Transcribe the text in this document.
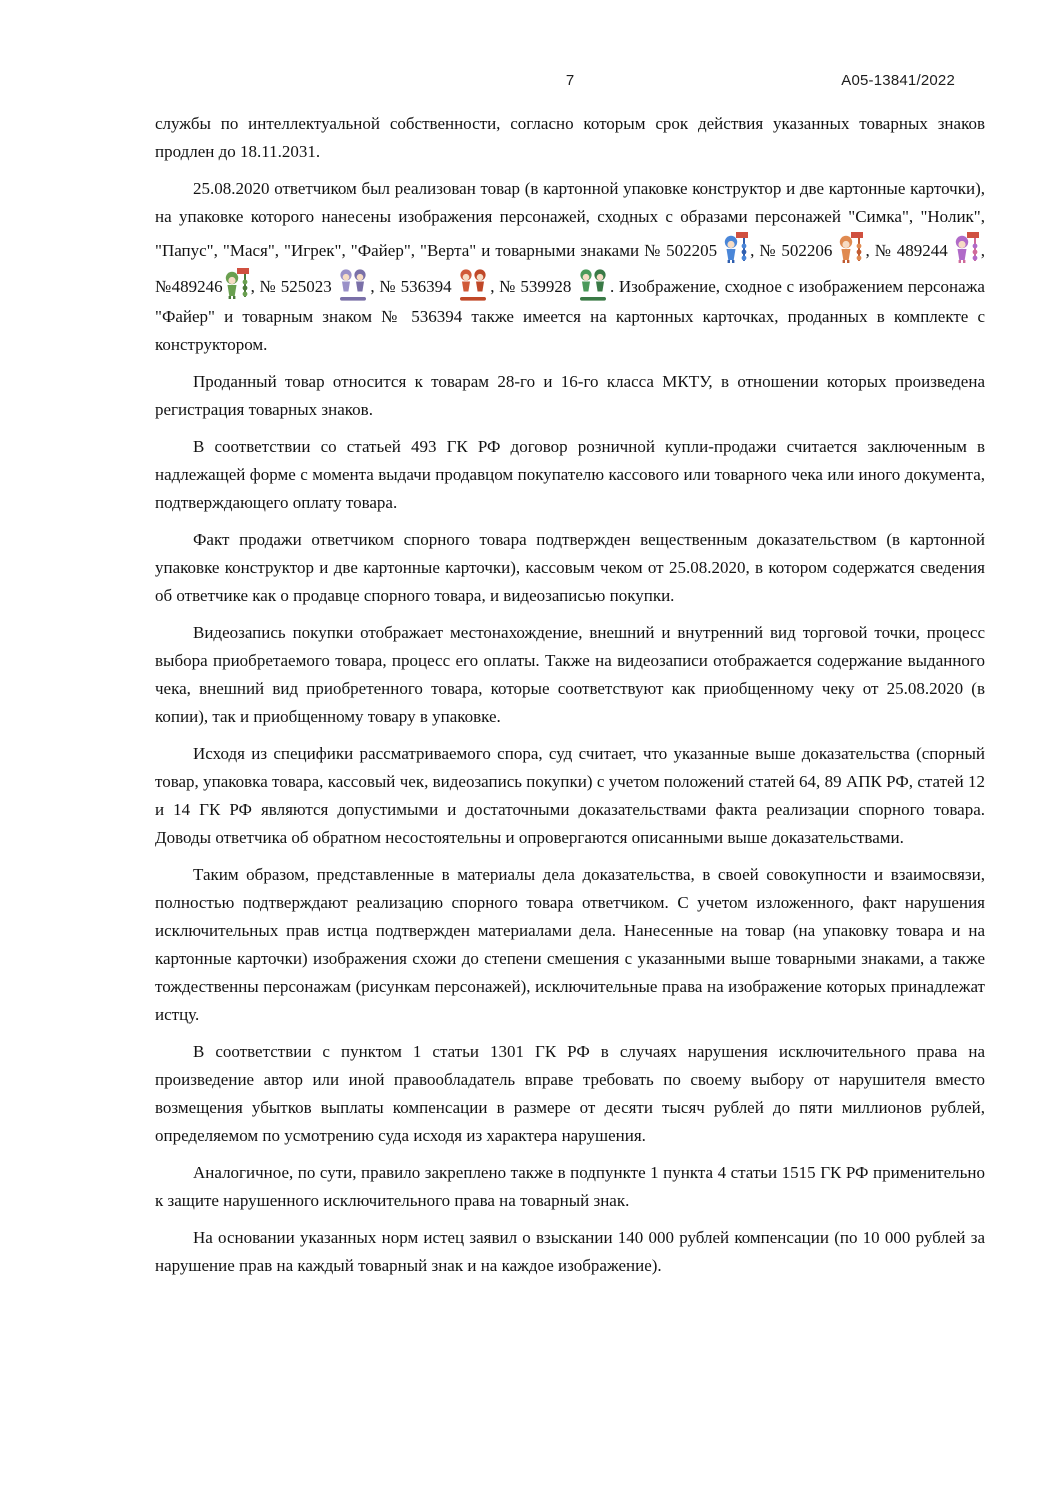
7	А05-13841/2022

службы по интеллектуальной собственности, согласно которым срок действия указанных товарных знаков продлен до 18.11.2031.

25.08.2020 ответчиком был реализован товар (в картонной упаковке конструктор и две картонные карточки), на упаковке которого нанесены изображения персонажей, сходных с образами персонажей "Симка", "Нолик", "Папус", "Мася", "Игрек", "Файер", "Верта" и товарными знаками № 502205
, № 502206
, № 489244
, №489246 , № 525023
, № 536394
, № 539928
. Изображение, сходное с изображением персонажа "Файер" и товарным знаком № 536394 также имеется на картонных карточках, проданных в комплекте с конструктором.

Проданный товар относится к товарам 28-го и 16-го класса МКТУ, в отношении которых произведена регистрация товарных знаков.

В соответствии со статьей 493 ГК РФ договор розничной купли-продажи считается заключенным в надлежащей форме с момента выдачи продавцом покупателю кассового или товарного чека или иного документа, подтверждающего оплату товара.

Факт продажи ответчиком спорного товара подтвержден вещественным доказательством (в картонной упаковке конструктор и две картонные карточки), кассовым чеком от 25.08.2020, в котором содержатся сведения об ответчике как о продавце спорного товара, и видеозаписью покупки.

Видеозапись покупки отображает местонахождение, внешний и внутренний вид торговой точки, процесс выбора приобретаемого товара, процесс его оплаты. Также на видеозаписи отображается содержание выданного чека, внешний вид приобретенного товара, которые соответствуют как приобщенному чеку от 25.08.2020 (в копии), так и приобщенному товару в упаковке.

Исходя из специфики рассматриваемого спора, суд считает, что указанные выше доказательства (спорный товар, упаковка товара, кассовый чек, видеозапись покупки) с учетом положений статей 64, 89 АПК РФ, статей 12 и 14 ГК РФ являются допустимыми и достаточными доказательствами факта реализации спорного товара. Доводы ответчика об обратном несостоятельны и опровергаются описанными выше доказательствами.

Таким образом, представленные в материалы дела доказательства, в своей совокупности и взаимосвязи, полностью подтверждают реализацию спорного товара ответчиком. С учетом изложенного, факт нарушения исключительных прав истца подтвержден материалами дела. Нанесенные на товар (на упаковку товара и на картонные карточки) изображения схожи до степени смешения с указанными выше товарными знаками, а также тождественны персонажам (рисункам персонажей), исключительные права на изображение которых принадлежат истцу.

В соответствии с пунктом 1 статьи 1301 ГК РФ в случаях нарушения исключительного права на произведение автор или иной правообладатель вправе требовать по своему выбору от нарушителя вместо возмещения убытков выплаты компенсации в размере от десяти тысяч рублей до пяти миллионов рублей, определяемом по усмотрению суда исходя из характера нарушения.

Аналогичное, по сути, правило закреплено также в подпункте 1 пункта 4 статьи 1515 ГК РФ применительно к защите нарушенного исключительного права на товарный знак.

На основании указанных норм истец заявил о взыскании 140 000 рублей компенсации (по 10 000 рублей за нарушение прав на каждый товарный знак и на каждое изображение).
